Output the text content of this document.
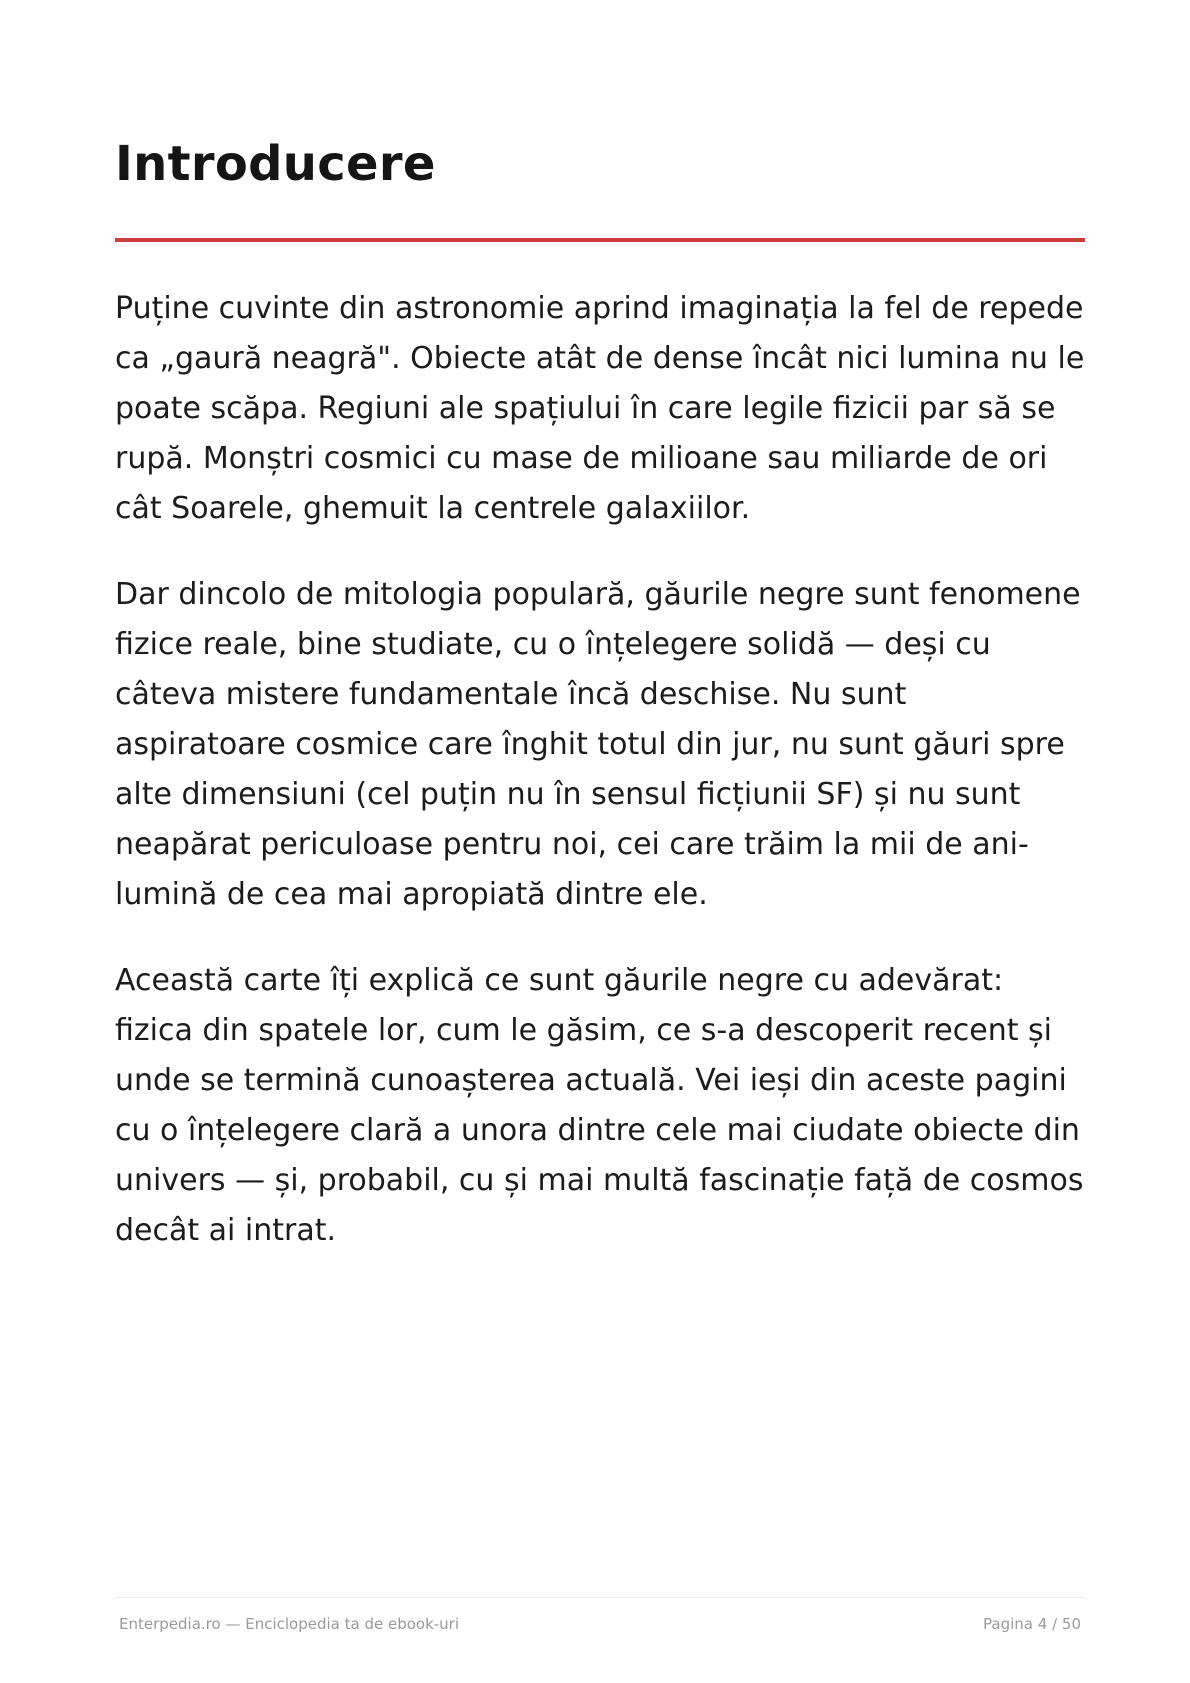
Introducere

Puține cuvinte din astronomie aprind imaginația la fel de repede ca „gaură neagră". Obiecte atât de dense încât nici lumina nu le poate scăpa. Regiuni ale spațiului în care legile fizicii par să se rupă. Monștri cosmici cu mase de milioane sau miliarde de ori cât Soarele, ghemuit la centrele galaxiilor.

Dar dincolo de mitologia populară, găurile negre sunt fenomene fizice reale, bine studiate, cu o înțelegere solidă — deși cu câteva mistere fundamentale încă deschise. Nu sunt aspiratoare cosmice care înghit totul din jur, nu sunt găuri spre alte dimensiuni (cel puțin nu în sensul ficțiunii SF) și nu sunt neapărat periculoase pentru noi, cei care trăim la mii de ani-lumină de cea mai apropiată dintre ele.

Această carte îți explică ce sunt găurile negre cu adevărat: fizica din spatele lor, cum le găsim, ce s-a descoperit recent și unde se termină cunoașterea actuală. Vei ieși din aceste pagini cu o înțelegere clară a unora dintre cele mai ciudate obiecte din univers — și, probabil, cu și mai multă fascinație față de cosmos decât ai intrat.

Enterpedia.ro — Enciclopedia ta de ebook-uri	Pagina 4 / 50
